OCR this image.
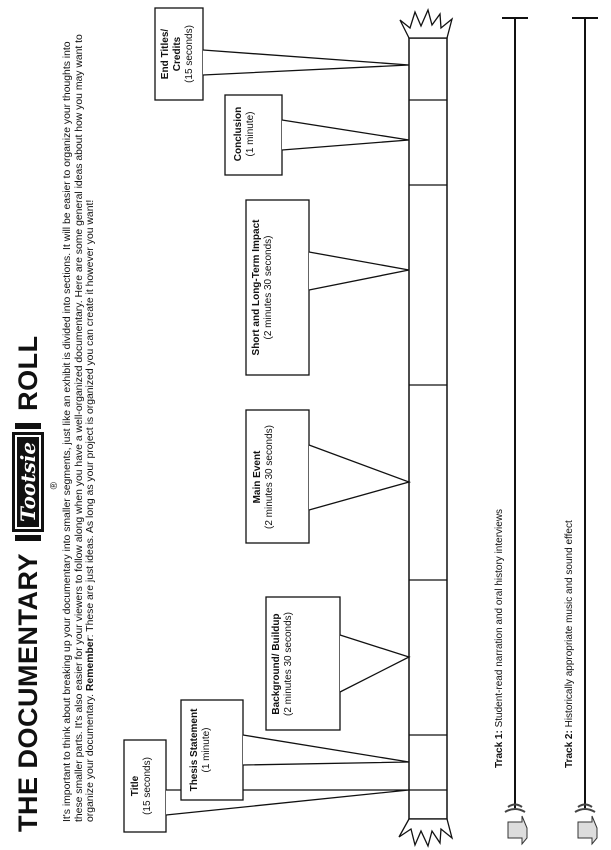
THE DOCUMENTARY
Tootsie ®
ROLL It's important to think about breaking up your documentary into smaller segments, just like an exhibit is divided into sections. It will be easier to organize your thoughts into these smaller parts. It's also easier for your viewers to follow along when you have a well-organized documentary. Here are some general ideas about how you may want to organize your documentary. Remember: These are just ideas. As long as your project is organized you can create it however you want!
Title
(15 seconds)	Thesis Statement
(1 minute)
Background/ Buildup
(2 minutes 30 seconds)
Main Event
(2 minutes 30 seconds)
Short and Long-Term Impact
(2 minutes 30 seconds)
Conclusion
(1 minute)
End Titles/ Credits
(15 seconds)
Track 1: Student-read narration and oral history interviews
Track 2: Historically appropriate music and sound effect
